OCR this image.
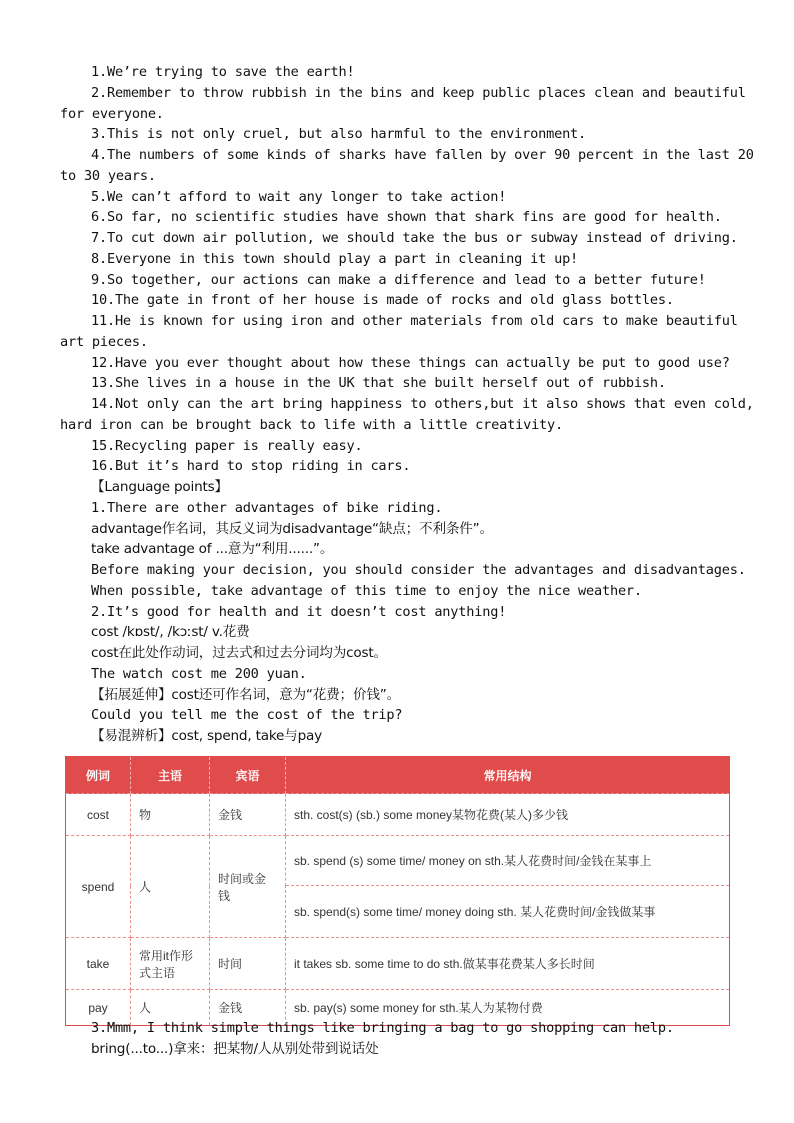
1.We’re trying to save the earth!
2.Remember to throw rubbish in the bins and keep public places clean and beautiful
for everyone.
3.This is not only cruel, but also harmful to the environment.
4.The numbers of some kinds of sharks have fallen by over 90 percent in the last 20
to 30 years.
5.We can’t afford to wait any longer to take action!
6.So far, no scientific studies have shown that shark fins are good for health.
7.To cut down air pollution, we should take the bus or subway instead of driving.
8.Everyone in this town should play a part in cleaning it up!
9.So together, our actions can make a difference and lead to a better future!
10.The gate in front of her house is made of rocks and old glass bottles.
11.He is known for using iron and other materials from old cars to make beautiful
art pieces.
12.Have you ever thought about how these things can actually be put to good use?
13.She lives in a house in the UK that she built herself out of rubbish.
14.Not only can the art bring happiness to others,but it also shows that even cold,
hard iron can be brought back to life with a little creativity.
15.Recycling paper is really easy.
16.But it’s hard to stop riding in cars.
【Language points】
1.There are other advantages of bike riding.
advantage作名词，其反义词为disadvantage“缺点；不利条件”。
take advantage of ...意为“利用......”。
Before making your decision, you should consider the advantages and disadvantages.
When possible, take advantage of this time to enjoy the nice weather.
2.It’s good for health and it doesn’t cost anything!
cost /kɒst/, /kɔːst/ v.花费
cost在此处作动词，过去式和过去分词均为cost。
The watch cost me 200 yuan.
【拓展延伸】cost还可作名词，意为“花费；价钱”。
Could you tell me the cost of the trip?
【易混辨析】cost, spend, take与pay
例词	主语	宾语	常用结构
cost	物	金钱	sth. cost(s) (sb.) some money某物花费(某人)多少钱
spend	人	时间或金钱	sb. spend (s) some time/ money on sth.某人花费时间/金钱在某事上
			sb. spend(s) some time/ money doing sth. 某人花费时间/金钱做某事
take	常用it作形式主语	时间	it takes sb. some time to do sth.做某事花费某人多长时间
pay	人	金钱	sb. pay(s) some money for sth.某人为某物付费
3.Mmm, I think simple things like bringing a bag to go shopping can help.
bring(...to...)拿来：把某物/人从别处带到说话处
